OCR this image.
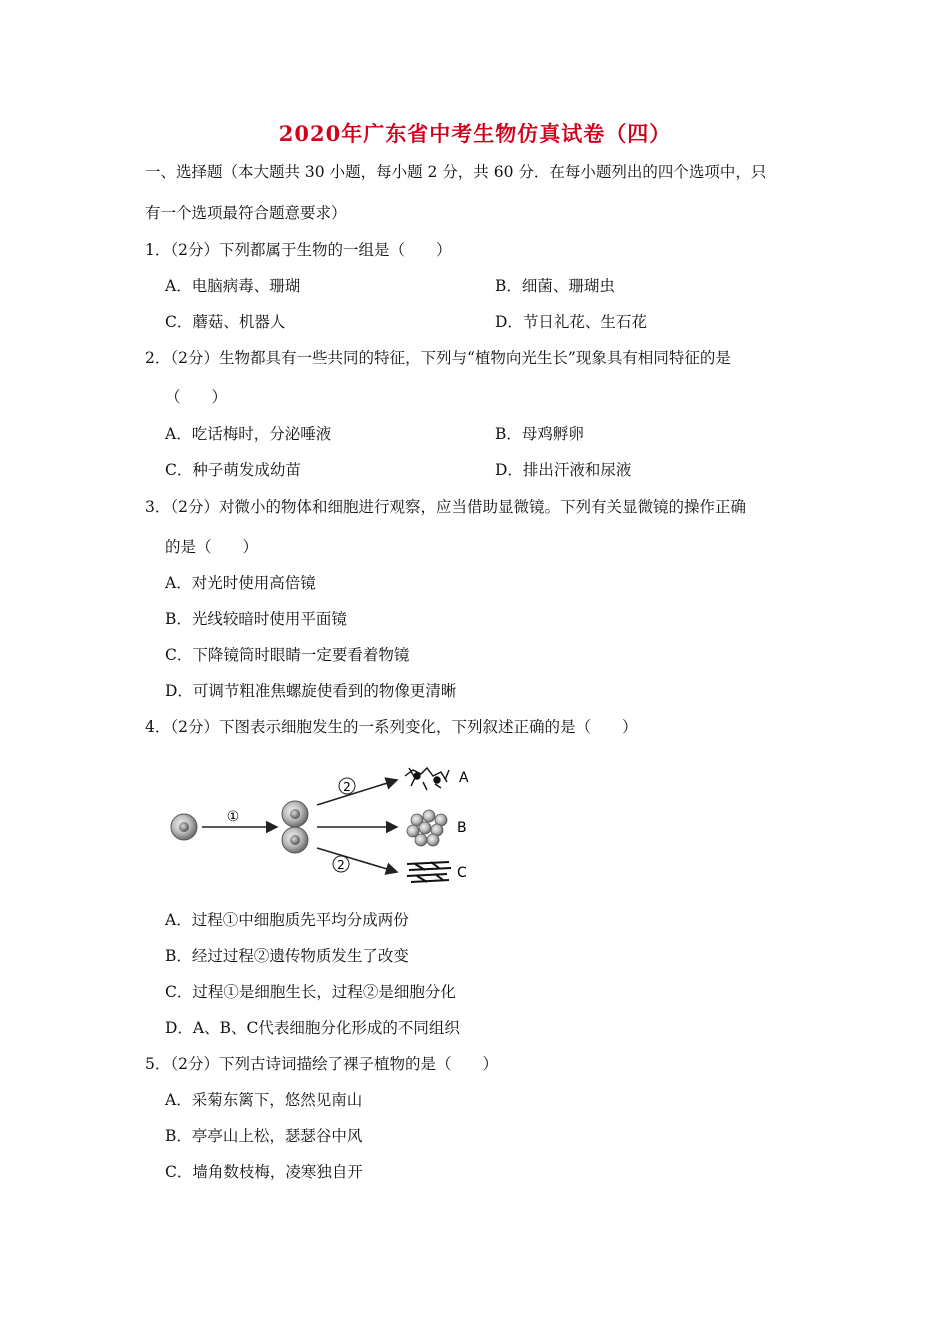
2020年广东省中考生物仿真试卷（四）
一、选择题（本大题共 30 小题，每小题 2 分，共 60 分．在每小题列出的四个选项中，只
有一个选项最符合题意要求）
1．（2分）下列都属于生物的一组是（　　）
A．电脑病毒、珊瑚	B．细菌、珊瑚虫
C．蘑菇、机器人	D．节日礼花、生石花
2．（2分）生物都具有一些共同的特征，下列与“植物向光生长”现象具有相同特征的是
（　　）
A．吃话梅时，分泌唾液	B．母鸡孵卵
C．种子萌发成幼苗	D．排出汗液和尿液
3．（2分）对微小的物体和细胞进行观察，应当借助显微镜。下列有关显微镜的操作正确
的是（　　）
A．对光时使用高倍镜
B．光线较暗时使用平面镜
C．下降镜筒时眼睛一定要看着物镜
D．可调节粗准焦螺旋使看到的物像更清晰
4．（2分）下图表示细胞发生的一系列变化，下列叙述正确的是（　　）
①
2
2
A
B
C
A．过程①中细胞质先平均分成两份
B．经过过程②遗传物质发生了改变
C．过程①是细胞生长，过程②是细胞分化
D．A、B、C代表细胞分化形成的不同组织
5．（2分）下列古诗词描绘了裸子植物的是（　　）
A．采菊东篱下，悠然见南山
B．亭亭山上松，瑟瑟谷中风
C．墙角数枝梅，凌寒独自开
